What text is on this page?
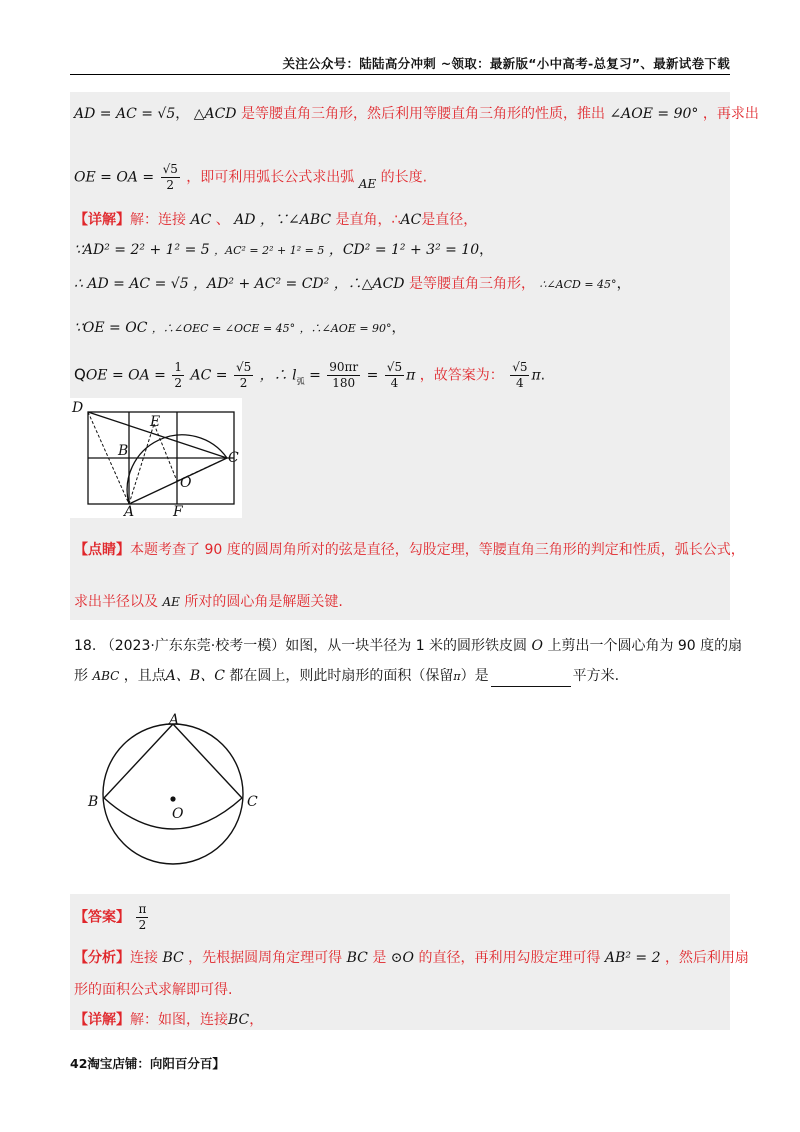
关注公众号：陆陆高分冲刺 ~领取：最新版“小中高考-总复习”、最新试卷下载
AD = AC = √5， △ACD 是等腰直角三角形，然后利用等腰直角三角形的性质，推出 ∠AOE = 90° ，再求出
OE = OA = $\frac{√5}{2}$ ，即可利用弧长公式求出弧 AE 的长度.
【详解】解：连接 AC 、 AD ，∵∠ABC 是直角，∴AC是直径，
∵AD² = 2² + 1² = 5 ，AC² = 2² + 1² = 5 ，CD² = 1² + 3² = 10，
∴ AD = AC = √5 ，AD² + AC² = CD² ，∴△ACD 是等腰直角三角形， ∴∠ACD = 45°，
∵OE = OC ，∴∠OEC = ∠OCE = 45° ，∴∠AOE = 90°，
QOE = OA = $\frac{1}{2}$ AC = $\frac{√5}{2}$ ，∴ $l_弧 = \frac{90\pi r}{180} = \frac{√5}{4}$ π ，故答案为： $\frac{√5}{4} \pi$.
D
E
B	C
O
A	F
【点睛】本题考查了 90 度的圆周角所对的弦是直径，勾股定理，等腰直角三角形的判定和性质，弧长公式，
求出半径以及 AE 所对的圆心角是解题关键.
18. （2023·广东东莞·校考一模）如图，从一块半径为 1 米的圆形铁皮圆 O 上剪出一个圆心角为 90 度的扇
形 ABC ，且点A、B、C 都在圆上，则此时扇形的面积（保留π）是	平方米.
A
B	C
O
【答案】 $\frac{\pi}{2}$
【分析】连接 BC ，先根据圆周角定理可得 BC 是 ⊙O 的直径，再利用勾股定理可得 AB² = 2 ，然后利用扇
形的面积公式求解即可得.
【详解】解：如图，连接BC，
42淘宝店铺：向阳百分百】
